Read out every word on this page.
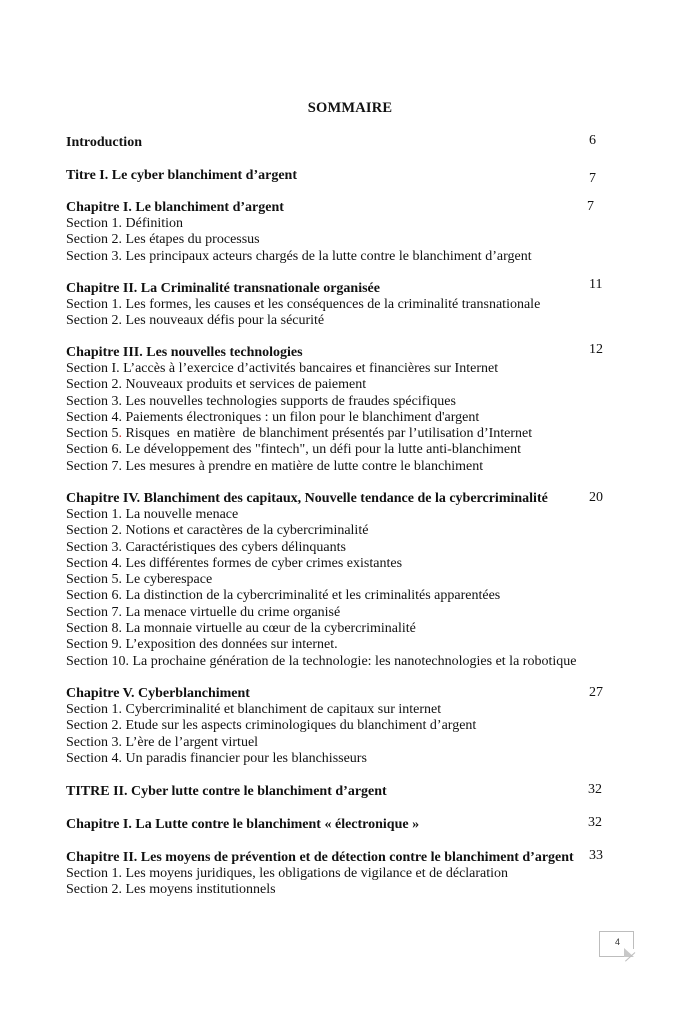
SOMMAIRE
Introduction	6
Titre I. Le cyber blanchiment d’argent	7
Chapitre I. Le blanchiment d’argent	7
Section 1. Définition
Section 2. Les étapes du processus
Section 3. Les principaux acteurs chargés de la lutte contre le blanchiment d’argent
Chapitre II. La Criminalité transnationale organisée	11
Section 1. Les formes, les causes et les conséquences de la criminalité transnationale
Section 2. Les nouveaux défis pour la sécurité
Chapitre III. Les nouvelles technologies	12
Section I. L’accès à l’exercice d’activités bancaires et financières sur Internet
Section 2. Nouveaux produits et services de paiement
Section 3. Les nouvelles technologies supports de fraudes spécifiques
Section 4. Paiements électroniques : un filon pour le blanchiment d'argent
Section 5. Risques  en matière  de blanchiment présentés par l’utilisation d’Internet
Section 6. Le développement des "fintech", un défi pour la lutte anti-blanchiment
Section 7. Les mesures à prendre en matière de lutte contre le blanchiment
Chapitre IV. Blanchiment des capitaux, Nouvelle tendance de la cybercriminalité	20
Section 1. La nouvelle menace
Section 2. Notions et caractères de la cybercriminalité
Section 3. Caractéristiques des cybers délinquants
Section 4. Les différentes formes de cyber crimes existantes
Section 5. Le cyberespace
Section 6. La distinction de la cybercriminalité et les criminalités apparentées
Section 7. La menace virtuelle du crime organisé
Section 8. La monnaie virtuelle au cœur de la cybercriminalité
Section 9. L’exposition des données sur internet.
Section 10. La prochaine génération de la technologie: les nanotechnologies et la robotique
Chapitre V. Cyberblanchiment	27
Section 1. Cybercriminalité et blanchiment de capitaux sur internet
Section 2. Etude sur les aspects criminologiques du blanchiment d’argent
Section 3. L’ère de l’argent virtuel
Section 4. Un paradis financier pour les blanchisseurs
TITRE II. Cyber lutte contre le blanchiment d’argent	32
Chapitre I. La Lutte contre le blanchiment « électronique »	32
Chapitre II. Les moyens de prévention et de détection contre le blanchiment d’argent	33
Section 1. Les moyens juridiques, les obligations de vigilance et de déclaration
Section 2. Les moyens institutionnels
4
